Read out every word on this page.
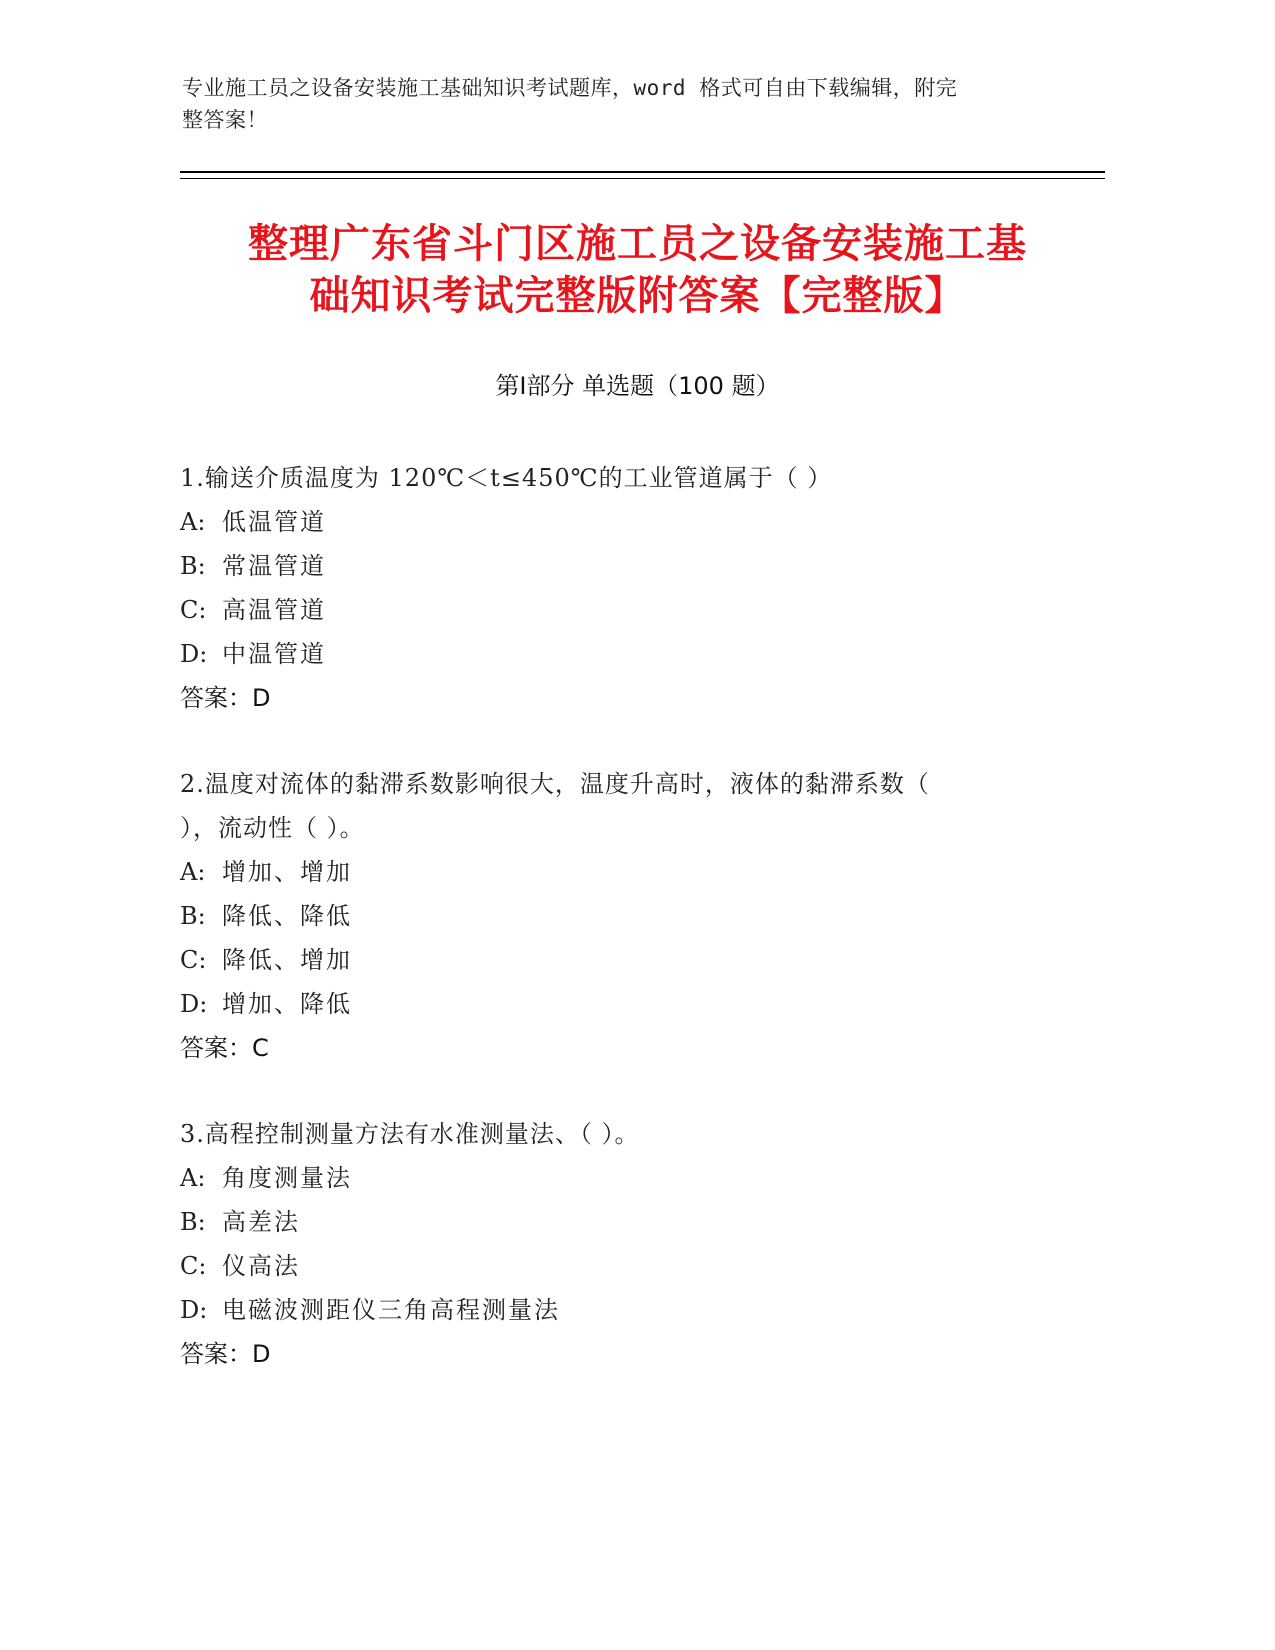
专业施工员之设备安装施工基础知识考试题库，word 格式可自由下载编辑，附完
整答案！
整理广东省斗门区施工员之设备安装施工基
础知识考试完整版附答案【完整版】
第Ⅰ部分 单选题（100 题）

1.输送介质温度为 120℃＜t≤450℃的工业管道属于（ ）

A: 低温管道

B: 常温管道

C: 高温管道

D: 中温管道

答案：D

2.温度对流体的黏滞系数影响很大，温度升高时，液体的黏滞系数（

），流动性（ ）。

A: 增加、增加

B: 降低、降低

C: 降低、增加

D: 增加、降低

答案：C

3.高程控制测量方法有水准测量法、（ ）。

A: 角度测量法

B: 高差法

C: 仪高法

D: 电磁波测距仪三角高程测量法

答案：D
